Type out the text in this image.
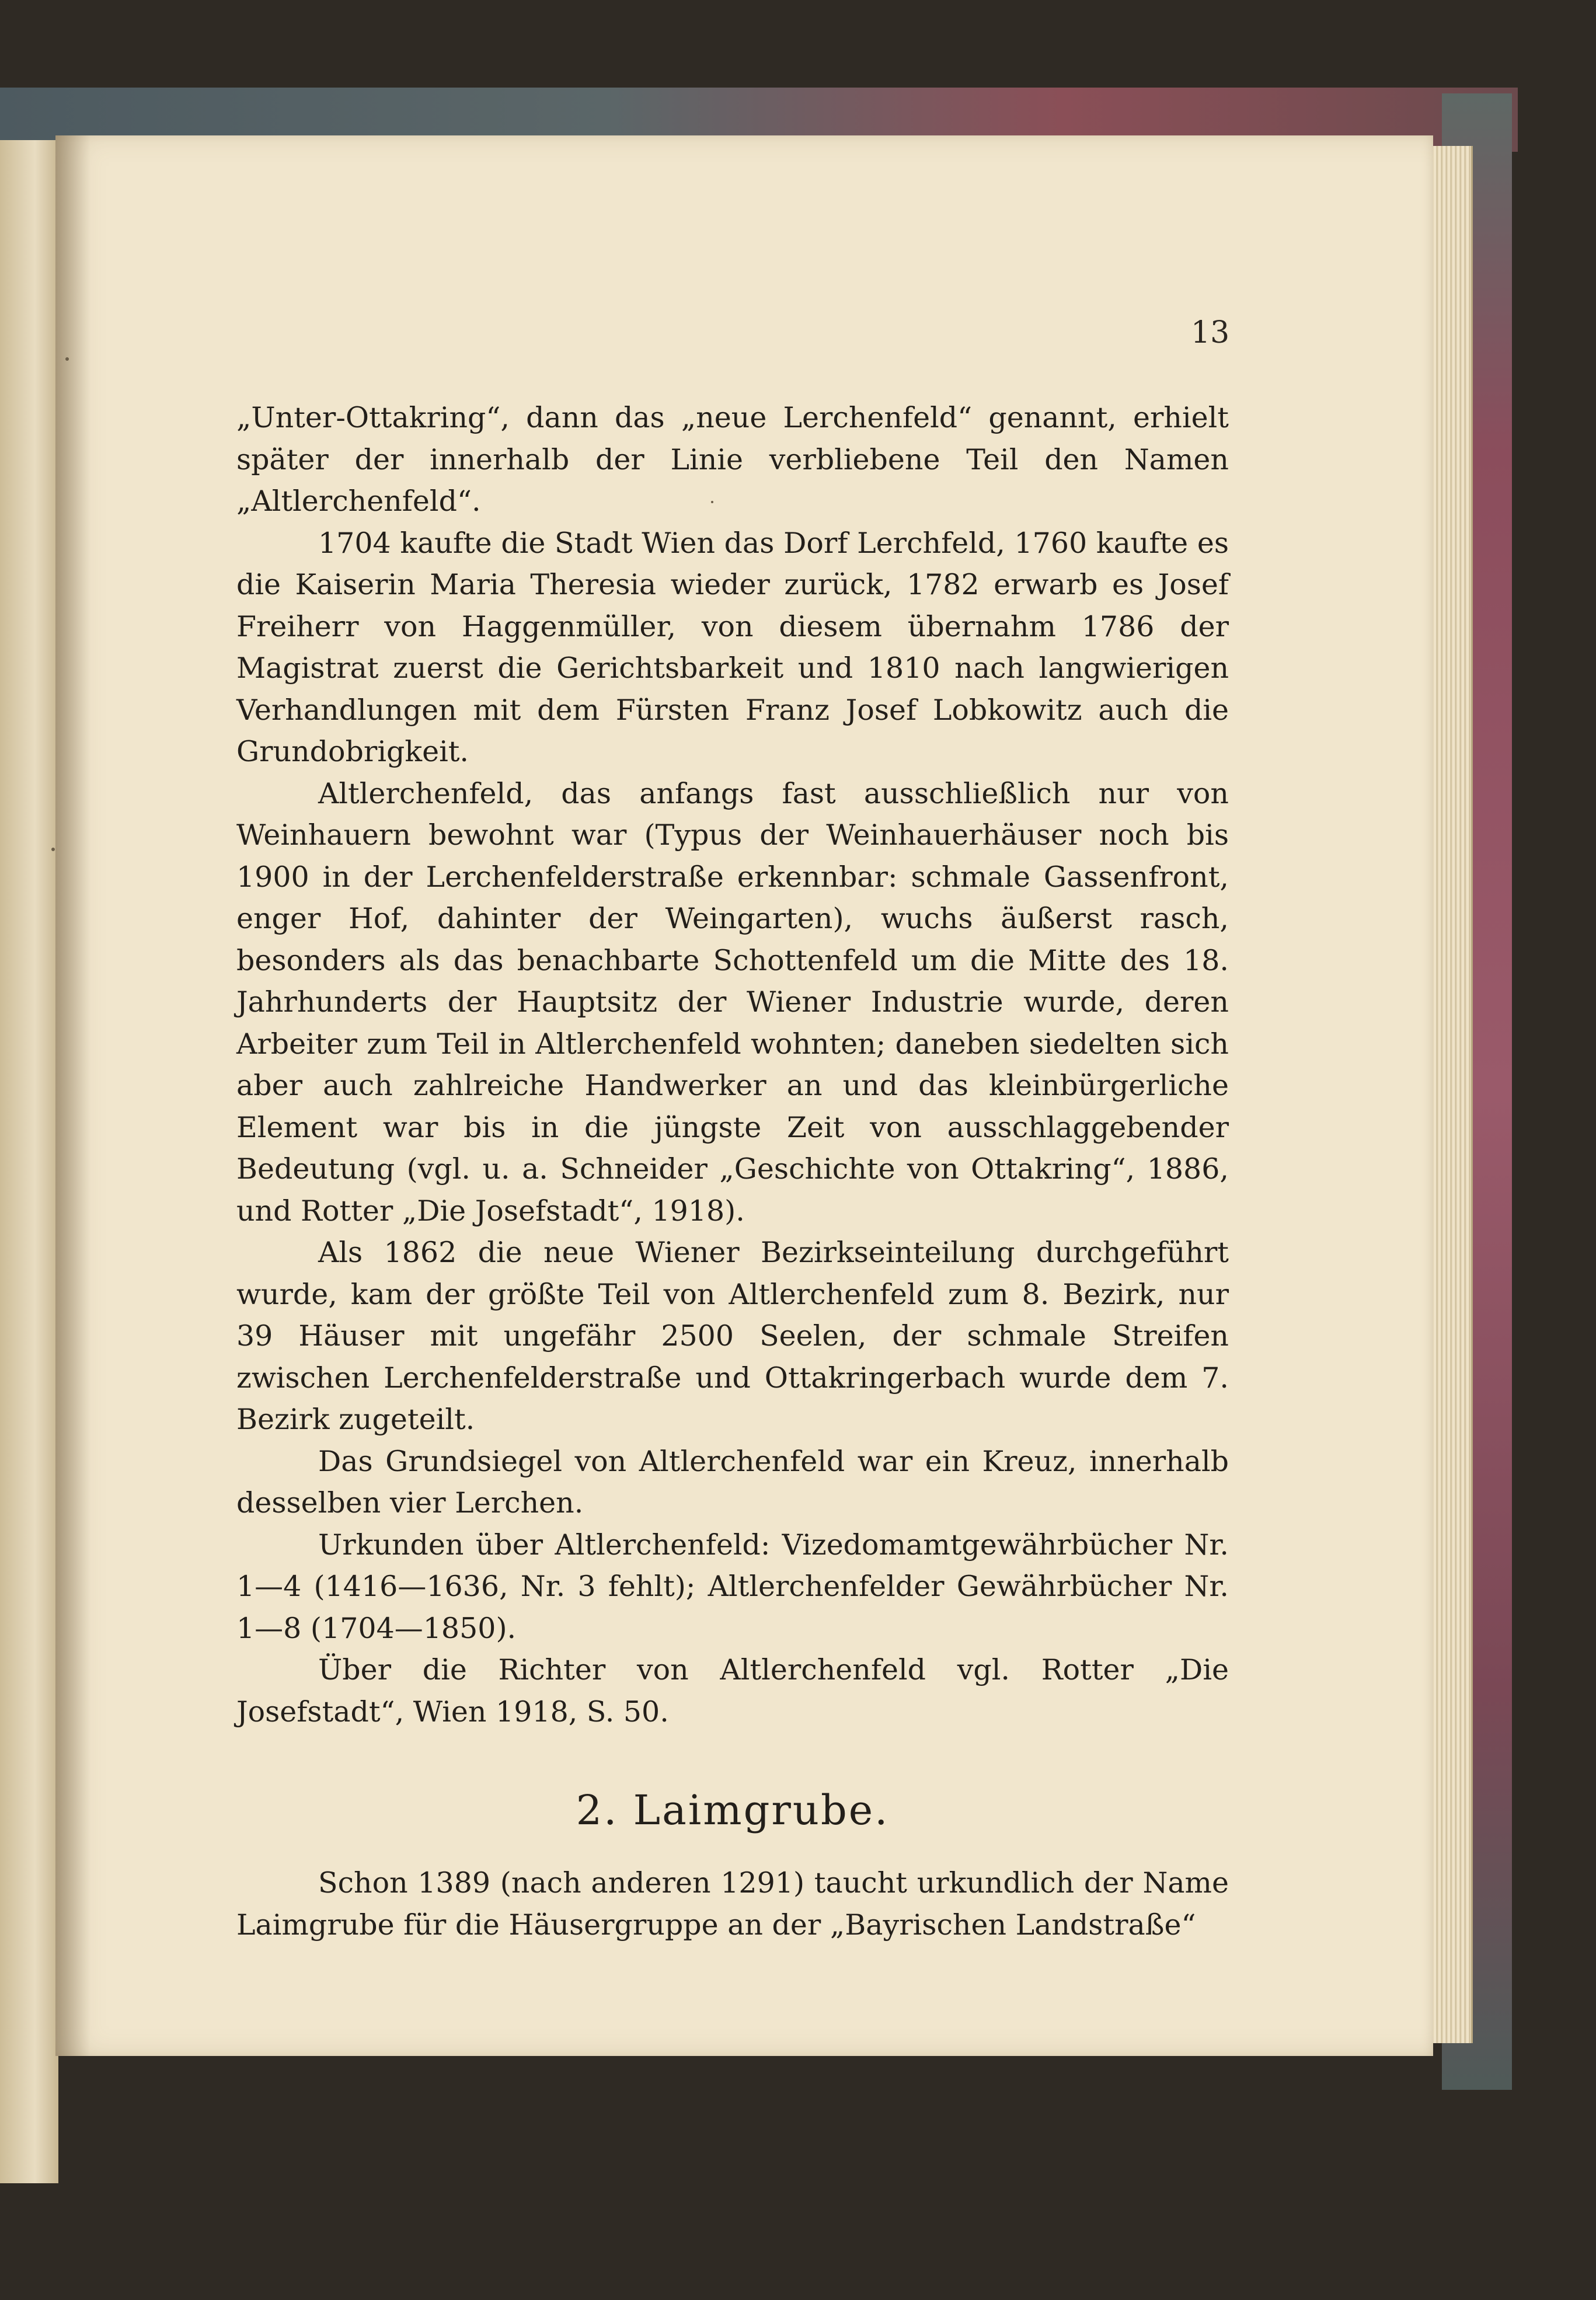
13

„Unter-Ottakring“, dann das „neue Lerchenfeld“ genannt, erhielt später der innerhalb der Linie verbliebene Teil den Namen „Altlerchenfeld“.

1704 kaufte die Stadt Wien das Dorf Lerchfeld, 1760 kaufte es die Kaiserin Maria Theresia wieder zurück, 1782 erwarb es Josef Freiherr von Haggenmüller, von diesem übernahm 1786 der Magistrat zuerst die Gerichtsbarkeit und 1810 nach langwierigen Verhandlungen mit dem Fürsten Franz Josef Lobkowitz auch die Grundobrigkeit.

Altlerchenfeld, das anfangs fast ausschließlich nur von Weinhauern bewohnt war (Typus der Weinhauerhäuser noch bis 1900 in der Lerchenfelderstraße erkennbar: schmale Gassenfront, enger Hof, dahinter der Weingarten), wuchs äußerst rasch, besonders als das benachbarte Schottenfeld um die Mitte des 18. Jahrhunderts der Hauptsitz der Wiener Industrie wurde, deren Arbeiter zum Teil in Altlerchenfeld wohnten; daneben siedelten sich aber auch zahlreiche Handwerker an und das kleinbürgerliche Element war bis in die jüngste Zeit von ausschlaggebender Bedeutung (vgl. u. a. Schneider „Geschichte von Ottakring“, 1886, und Rotter „Die Josefstadt“, 1918).

Als 1862 die neue Wiener Bezirkseinteilung durchgeführt wurde, kam der größte Teil von Altlerchenfeld zum 8. Bezirk, nur 39 Häuser mit ungefähr 2500 Seelen, der schmale Streifen zwischen Lerchenfelderstraße und Ottakringerbach wurde dem 7. Bezirk zugeteilt.

Das Grundsiegel von Altlerchenfeld war ein Kreuz, innerhalb desselben vier Lerchen.

Urkunden über Altlerchenfeld: Vizedomamtgewährbücher Nr. 1—4 (1416—1636, Nr. 3 fehlt); Altlerchenfelder Gewährbücher Nr. 1—8 (1704—1850).

Über die Richter von Altlerchenfeld vgl. Rotter „Die Josefstadt“, Wien 1918, S. 50.

2. Laimgrube.

Schon 1389 (nach anderen 1291) taucht urkundlich der Name Laimgrube für die Häusergruppe an der „Bayrischen Landstraße“
